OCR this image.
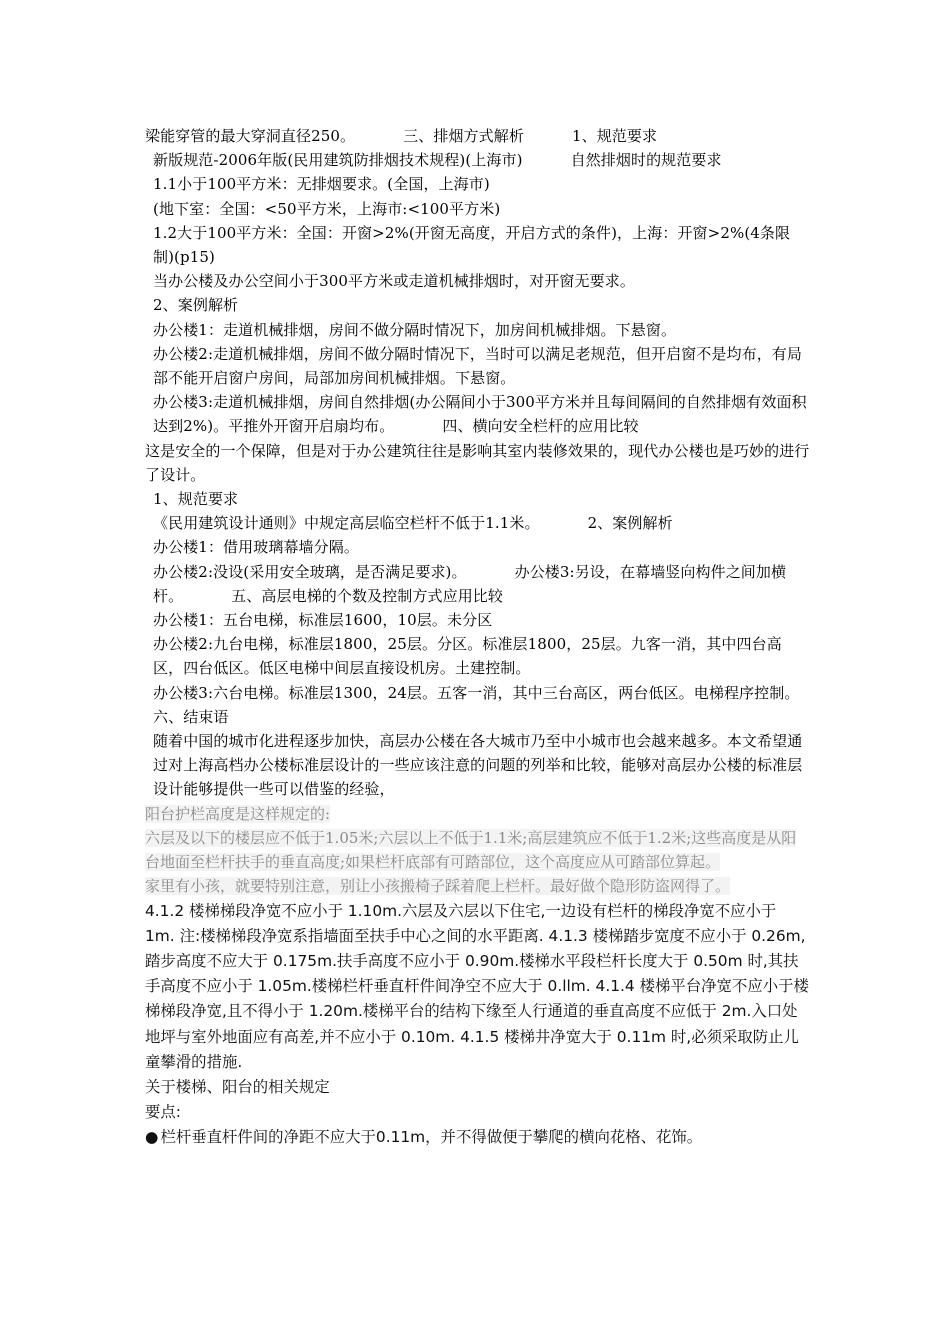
梁能穿管的最大穿洞直径250。	三、排烟方式解析	1、规范要求

新版规范-2006年版(民用建筑防排烟技术规程)(上海市)	自然排烟时的规范要求

1.1小于100平方米：无排烟要求。(全国，上海市)

(地下室：全国：<50平方米，上海市:<100平方米)

1.2大于100平方米：全国：开窗>2%(开窗无高度，开启方式的条件)，上海：开窗>2%(4条限制)(p15)

当办公楼及办公空间小于300平方米或走道机械排烟时，对开窗无要求。

2、案例解析

办公楼1：走道机械排烟，房间不做分隔时情况下，加房间机械排烟。下悬窗。

办公楼2:走道机械排烟，房间不做分隔时情况下，当时可以满足老规范，但开启窗不是均布，有局部不能开启窗户房间，局部加房间机械排烟。下悬窗。

办公楼3:走道机械排烟，房间自然排烟(办公隔间小于300平方米并且每间隔间的自然排烟有效面积达到2%)。平推外开窗开启扇均布。	四、横向安全栏杆的应用比较

这是安全的一个保障，但是对于办公建筑往往是影响其室内装修效果的，现代办公楼也是巧妙的进行了设计。

1、规范要求

《民用建筑设计通则》中规定高层临空栏杆不低于1.1米。	2、案例解析

办公楼1：借用玻璃幕墙分隔。

办公楼2:没设(采用安全玻璃，是否满足要求)。	办公楼3:另设，在幕墙竖向构件之间加横杆。	五、高层电梯的个数及控制方式应用比较

办公楼1：五台电梯，标准层1600，10层。未分区

办公楼2:九台电梯，标准层1800，25层。分区。标准层1800，25层。九客一消，其中四台高区，四台低区。低区电梯中间层直接设机房。土建控制。

办公楼3:六台电梯。标准层1300，24层。五客一消，其中三台高区，两台低区。电梯程序控制。

六、结束语

随着中国的城市化进程逐步加快，高层办公楼在各大城市乃至中小城市也会越来越多。本文希望通过对上海高档办公楼标准层设计的一些应该注意的问题的列举和比较，能够对高层办公楼的标准层设计能够提供一些可以借鉴的经验，

阳台护栏高度是这样规定的:

六层及以下的楼层应不低于1.05米;六层以上不低于1.1米;高层建筑应不低于1.2米;这些高度是从阳台地面至栏杆扶手的垂直高度;如果栏杆底部有可踏部位，这个高度应从可踏部位算起。

家里有小孩，就要特别注意，别让小孩搬椅子踩着爬上栏杆。最好做个隐形防盗网得了。

4.1.2 楼梯梯段净宽不应小于 1.10m.六层及六层以下住宅,一边设有栏杆的梯段净宽不应小于 1m. 注:楼梯梯段净宽系指墙面至扶手中心之间的水平距离. 4.1.3 楼梯踏步宽度不应小于 0.26m,踏步高度不应大于 0.175m.扶手高度不应小于 0.90m.楼梯水平段栏杆长度大于 0.50m 时,其扶手高度不应小于 1.05m.楼梯栏杆垂直杆件间净空不应大于 0.llm. 4.1.4 楼梯平台净宽不应小于楼梯梯段净宽,且不得小于 1.20m.楼梯平台的结构下缘至人行通道的垂直高度不应低于 2m.入口处地坪与室外地面应有高差,并不应小于 0.10m. 4.1.5 楼梯井净宽大于 0.11m 时,必须采取防止儿童攀滑的措施.

关于楼梯、阳台的相关规定

要点:

● 栏杆垂直杆件间的净距不应大于0.11m，并不得做便于攀爬的横向花格、花饰。
